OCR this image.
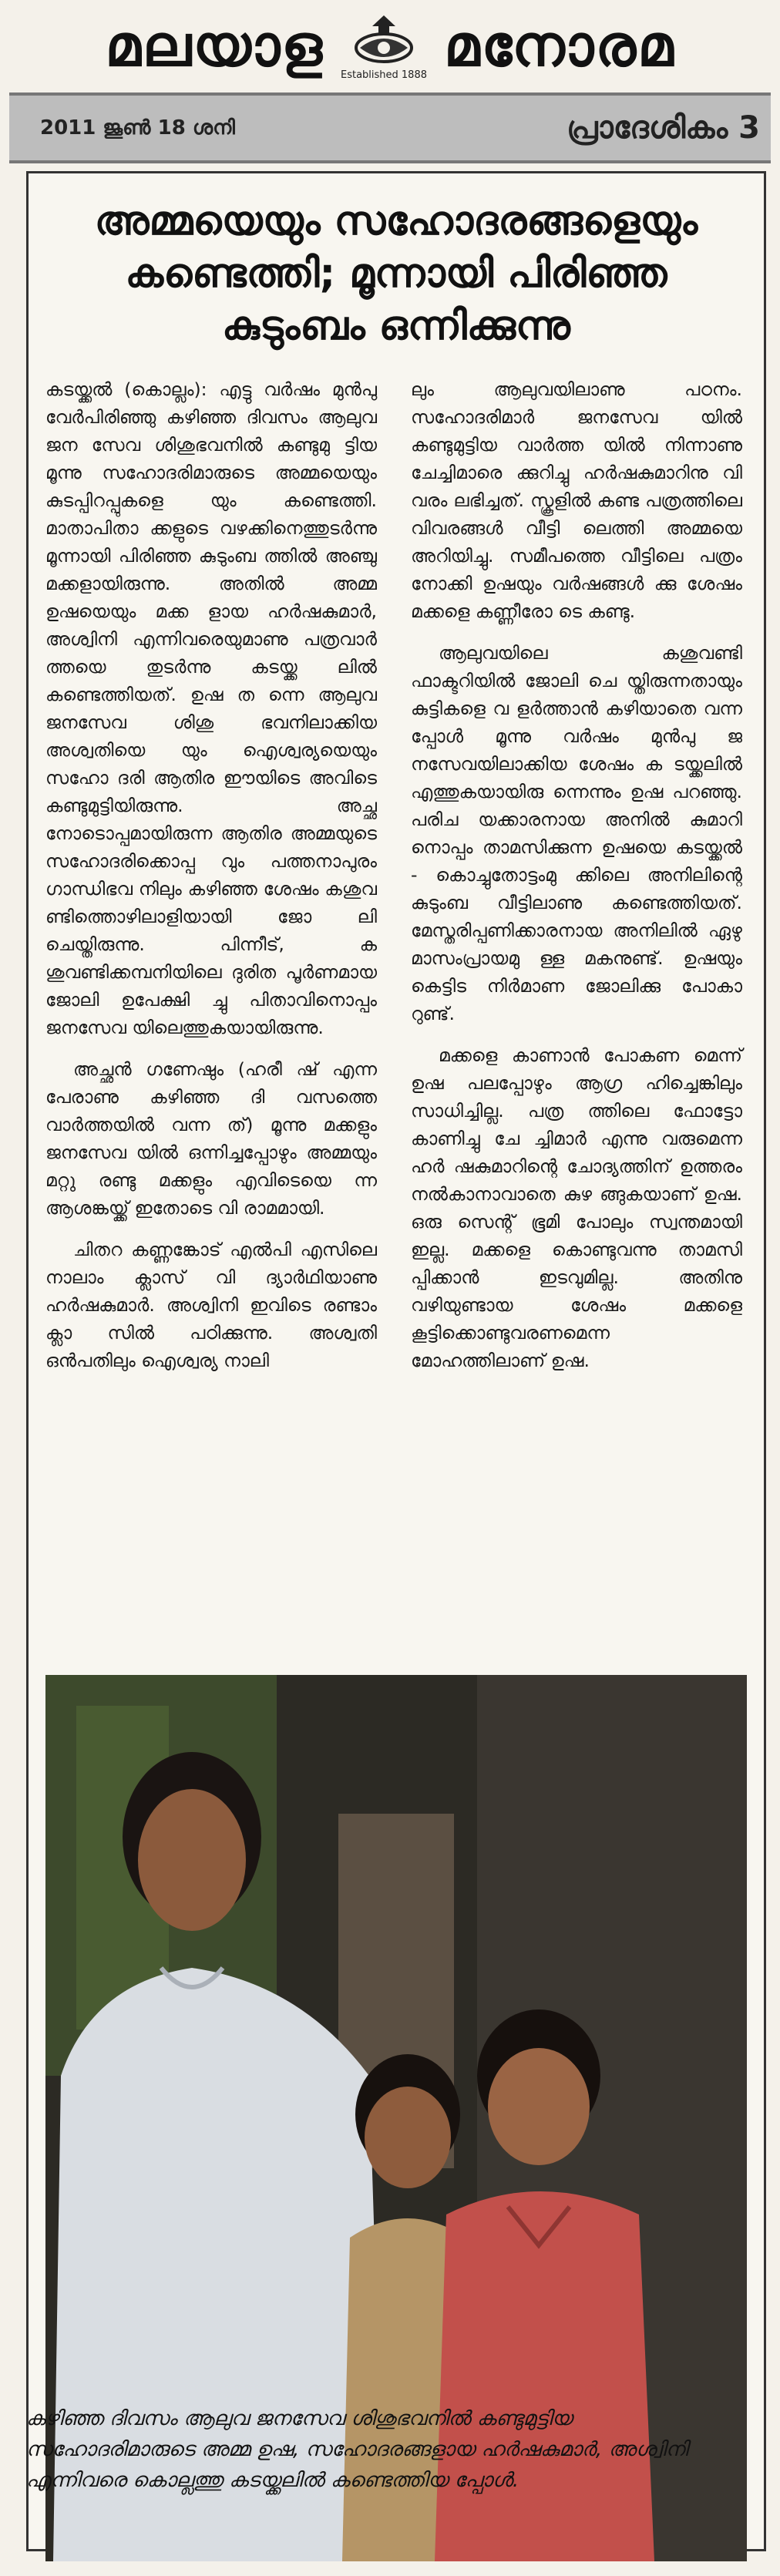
മലയാള Established 1888 മനോരമ
2011 ജൂൺ 18 ശനി	പ്രാദേശികം 3
അമ്മയെയും സഹോദരങ്ങളെയും കണ്ടെത്തി; മൂന്നായി പിരിഞ്ഞ കുടുംബം ഒന്നിക്കുന്നു

കടയ്ക്കൽ (കൊല്ലം): എട്ടു വർഷം മുൻപു വേർപിരിഞ്ഞു കഴിഞ്ഞ ദിവസം ആലുവ ജന സേവ ശിശുഭവനിൽ കണ്ടുമു ട്ടിയ മൂന്നു സഹോദരിമാരുടെ അമ്മയെയും കുടപ്പിറപ്പുകളെ യും കണ്ടെത്തി. മാതാപിതാ ക്കളുടെ വഴക്കിനെത്തുടർന്നു മൂന്നായി പിരിഞ്ഞ കുടുംബ ത്തിൽ അഞ്ചു മക്കളായിരുന്നു. അതിൽ അമ്മ ഉഷയെയും മക്ക ളായ ഹർഷകുമാർ, അശ്വിനി എന്നിവരെയുമാണു പത്രവാർ ത്തയെ തുടർന്നു കടയ്ക്ക ലിൽ കണ്ടെത്തിയത്. ഉഷ ത ന്നെ ആലുവ ജനസേവ ശിശു ഭവനിലാക്കിയ അശ്വതിയെ യും ഐശ്വര്യയെയും സഹോ ദരി ആതിര ഈയിടെ അവിടെ കണ്ടുമുട്ടിയിരുന്നു. അച്ഛ നോടൊപ്പമായിരുന്ന ആതിര അമ്മയുടെ സഹോദരിക്കൊപ്പ വും പത്തനാപുരം ഗാന്ധിഭവ നിലും കഴിഞ്ഞ ശേഷം കശുവ ണ്ടിത്തൊഴിലാളിയായി ജോ ലി ചെയ്തിരുന്നു. പിന്നീട്, ക ശുവണ്ടിക്കമ്പനിയിലെ ദുരിത പൂർണമായ ജോലി ഉപേക്ഷി ച്ചു പിതാവിനൊപ്പം ജനസേവ യിലെത്തുകയായിരുന്നു.

അച്ഛൻ ഗണേഷും (ഹരീ ഷ് എന്ന പേരാണു കഴിഞ്ഞ ദി വസത്തെ വാർത്തയിൽ വന്ന ത്) മൂന്നു മക്കളും ജനസേവ യിൽ ഒന്നിച്ചപ്പോഴും അമ്മയും മറ്റു രണ്ടു മക്കളും എവിടെയെ ന്ന ആശങ്കയ്ക്ക് ഇതോടെ വി രാമമായി.

ചിതറ കണ്ണങ്കോട് എൽപി എസിലെ നാലാം ക്ലാസ് വി ദ്യാർഥിയാണു ഹർഷകുമാർ. അശ്വിനി ഇവിടെ രണ്ടാം ക്ലാ സിൽ പഠിക്കുന്നു. അശ്വതി ഒൻപതിലും ഐശ്വര്യ നാലി

ലും ആലുവയിലാണു പഠനം. സഹോദരിമാർ ജനസേവ യിൽ കണ്ടുമുട്ടിയ വാർത്ത യിൽ നിന്നാണു ചേച്ചിമാരെ ക്കുറിച്ചു ഹർഷകുമാറിനു വി വരം ലഭിച്ചത്. സ്കൂളിൽ കണ്ട പത്രത്തിലെ വിവരങ്ങൾ വീട്ടി ലെത്തി അമ്മയെ അറിയിച്ചു. സമീപത്തെ വീട്ടിലെ പത്രം നോക്കി ഉഷയും വർഷങ്ങൾ ക്കു ശേഷം മക്കളെ കണ്ണീരോ ടെ കണ്ടു.

ആലുവയിലെ കശുവണ്ടി ഫാക്ടറിയിൽ ജോലി ചെ യ്തിരുന്നതായും കുട്ടികളെ വ ളർത്താൻ കഴിയാതെ വന്ന പ്പോൾ മൂന്നു വർഷം മുൻപു ജ നസേവയിലാക്കിയ ശേഷം ക ടയ്ക്കലിൽ എത്തുകയായിരു ന്നെന്നും ഉഷ പറഞ്ഞു. പരിച യക്കാരനായ അനിൽ കുമാറി നൊപ്പം താമസിക്കുന്ന ഉഷയെ കടയ്ക്കൽ - കൊച്ചുതോട്ടംമു ക്കിലെ അനിലിന്റെ കുടുംബ വീട്ടിലാണു കണ്ടെത്തിയത്. മേസ്തരിപ്പണിക്കാരനായ അനിലിൽ ഏഴു മാസംപ്രായമു ള്ള മകനുണ്ട്. ഉഷയും കെട്ടിട നിർമാണ ജോലിക്കു പോകാ റുണ്ട്.

മക്കളെ കാണാൻ പോകണ മെന്ന് ഉഷ പലപ്പോഴും ആഗ്ര ഹിച്ചെങ്കിലും സാധിച്ചില്ല. പത്ര ത്തിലെ ഫോട്ടോ കാണിച്ചു ചേ ച്ചിമാർ എന്നു വരുമെന്ന ഹർ ഷകുമാറിന്റെ ചോദ്യത്തിന് ഉത്തരം നൽകാനാവാതെ കുഴ ങ്ങുകയാണ് ഉഷ. ഒരു സെന്റ് ഭൂമി പോലും സ്വന്തമായി ഇല്ല. മക്കളെ കൊണ്ടുവന്നു താമസി പ്പിക്കാൻ ഇടവുമില്ല. അതിനു വഴിയുണ്ടായ ശേഷം മക്കളെ കൂട്ടിക്കൊണ്ടുവരണമെന്ന മോഹത്തിലാണ് ഉഷ.

കഴിഞ്ഞ ദിവസം ആലുവ ജനസേവ ശിശുഭവനിൽ കണ്ടുമുട്ടിയ സഹോദരിമാരുടെ അമ്മ ഉഷ, സഹോദരങ്ങളായ ഹർഷകുമാർ, അശ്വിനി എന്നിവരെ കൊല്ലത്തു കടയ്ക്കലിൽ കണ്ടെത്തിയ പ്പോൾ.
